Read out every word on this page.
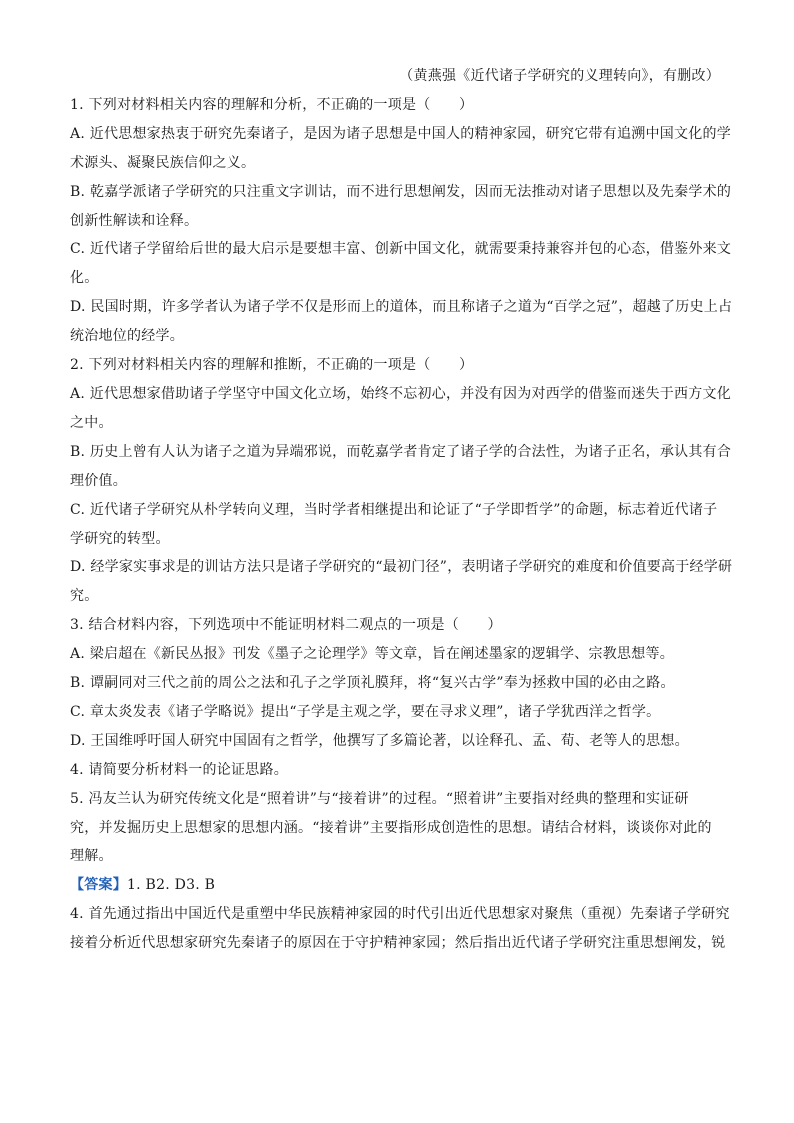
（黄燕强《近代诸子学研究的义理转向》，有删改）
1. 下列对材料相关内容的理解和分析，不正确的一项是（　　）
A. 近代思想家热衷于研究先秦诸子，是因为诸子思想是中国人的精神家园，研究它带有追溯中国文化的学
术源头、凝聚民族信仰之义。
B. 乾嘉学派诸子学研究的只注重文字训诂，而不进行思想阐发，因而无法推动对诸子思想以及先秦学术的
创新性解读和诠释。
C. 近代诸子学留给后世的最大启示是要想丰富、创新中国文化，就需要秉持兼容并包的心态，借鉴外来文
化。
D. 民国时期，许多学者认为诸子学不仅是形而上的道体，而且称诸子之道为“百学之冠”，超越了历史上占
统治地位的经学。
2. 下列对材料相关内容的理解和推断，不正确的一项是（　　）
A. 近代思想家借助诸子学坚守中国文化立场，始终不忘初心，并没有因为对西学的借鉴而迷失于西方文化
之中。
B. 历史上曾有人认为诸子之道为异端邪说，而乾嘉学者肯定了诸子学的合法性，为诸子正名，承认其有合
理价值。
C. 近代诸子学研究从朴学转向义理，当时学者相继提出和论证了“子学即哲学”的命题，标志着近代诸子
学研究的转型。
D. 经学家实事求是的训诂方法只是诸子学研究的“最初门径”，表明诸子学研究的难度和价值要高于经学研
究。
3. 结合材料内容，下列选项中不能证明材料二观点的一项是（　　）
A. 梁启超在《新民丛报》刊发《墨子之论理学》等文章，旨在阐述墨家的逻辑学、宗教思想等。
B. 谭嗣同对三代之前的周公之法和孔子之学顶礼膜拜，将“复兴古学”奉为拯救中国的必由之路。
C. 章太炎发表《诸子学略说》提出“子学是主观之学，要在寻求义理”，诸子学犹西洋之哲学。
D. 王国维呼吁国人研究中国固有之哲学，他撰写了多篇论著，以诠释孔、孟、荀、老等人的思想。
4. 请简要分析材料一的论证思路。
5. 冯友兰认为研究传统文化是“照着讲”与“接着讲”的过程。“照着讲”主要指对经典的整理和实证研
究，并发掘历史上思想家的思想内涵。“接着讲”主要指形成创造性的思想。请结合材料，谈谈你对此的
理解。
【答案】1. B2. D3. B
4. 首先通过指出中国近代是重塑中华民族精神家园的时代引出近代思想家对聚焦（重视）先秦诸子学研究
接着分析近代思想家研究先秦诸子的原因在于守护精神家园；然后指出近代诸子学研究注重思想阐发，锐
